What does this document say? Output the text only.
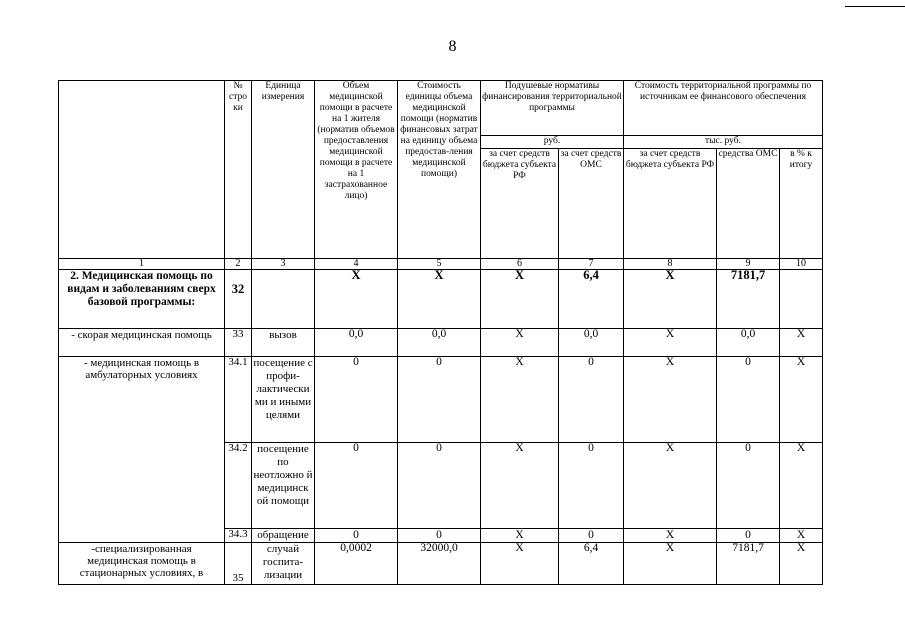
8
	№ стро ки	Единица измерения	Объем медицинской помощи в расчете на 1 жителя (норматив объемов предоставления медицинской помощи в расчете на 1 застрахованное лицо)	Стоимость единицы объема медицинской помощи (норматив финансовых затрат на единицу объема предостав-ления медицинской помощи)	Подушевые нормативы финансирования территориальной программы		Стоимость территориальной программы по источникам ее финансового обеспечения		
					руб.		тыс. руб.		
					за счет средств бюджета субъекта РФ	за счет средств ОМС	за счет средств бюджета субъекта РФ	средства ОМС	в % к итогу
1	2	3	4	5	6	7	8	9	10
2. Медицинская помощь по видам и заболеваниям сверх базовой программы:	32		Х	Х	Х	6,4	Х	7181,7	
- скорая медицинская помощь	33	вызов	0,0	0,0	Х	0,0	Х	0,0	Х
- медицинская помощь в амбулаторных условиях	34.1	посещение с профи-лактически ми и иными целями	0	0	Х	0	Х	0	Х
	34.2	посещение по неотложно й медицинск ой помощи	0	0	Х	0	Х	0	Х
	34.3	обращение	0	0	Х	0	Х	0	Х
-специализированная медицинская помощь в стационарных условиях, в	35	случай госпита-лизации	0,0002	32000,0	Х	6,4	Х	7181,7	Х
